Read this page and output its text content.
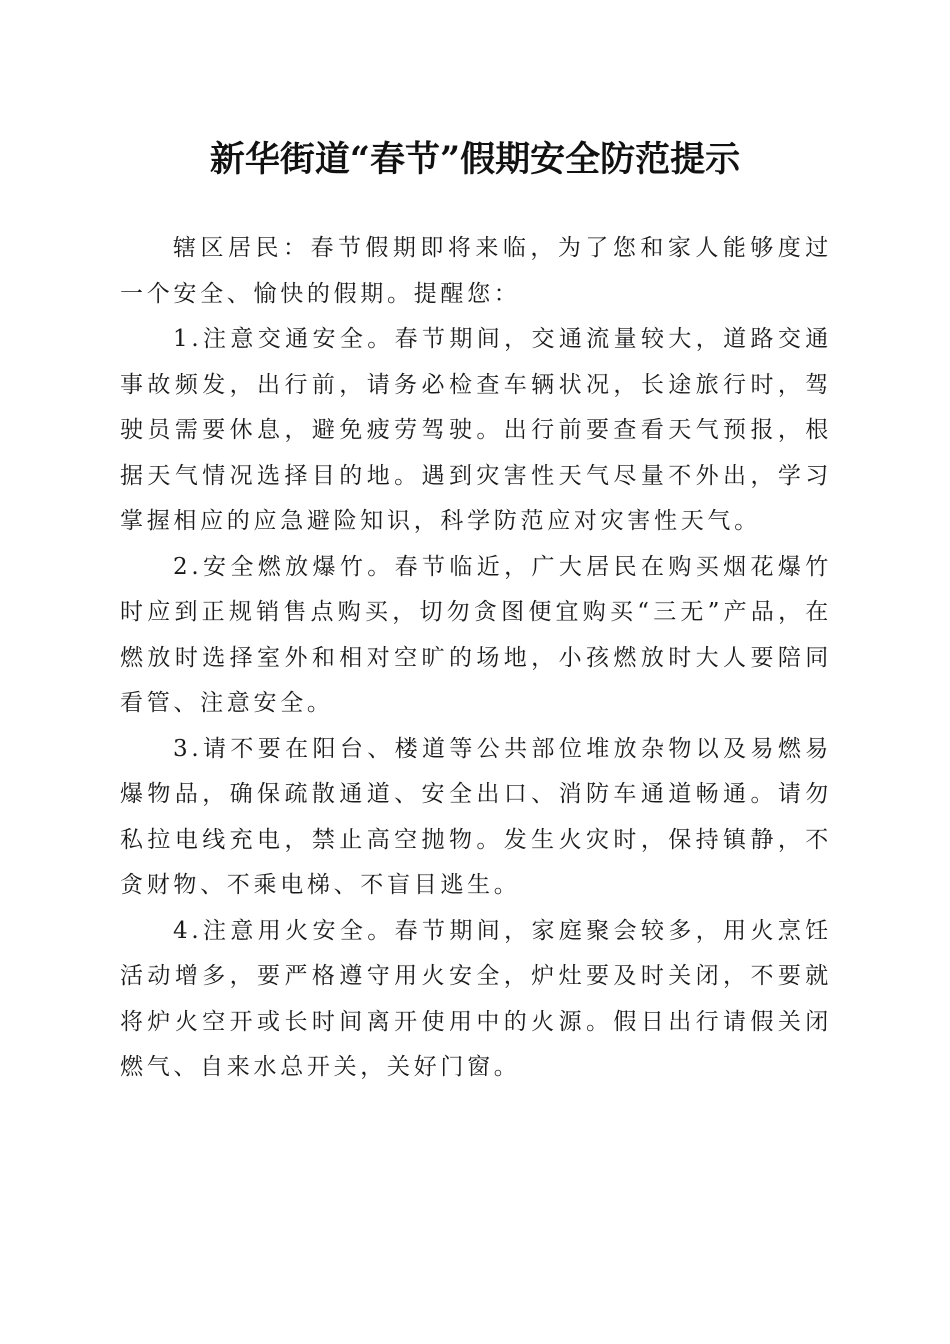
新华街道“春节”假期安全防范提示

辖区居民：春节假期即将来临，为了您和家人能够度过一个安全、愉快的假期。提醒您：

1.注意交通安全。春节期间，交通流量较大，道路交通事故频发，出行前，请务必检查车辆状况，长途旅行时，驾驶员需要休息，避免疲劳驾驶。出行前要查看天气预报，根据天气情况选择目的地。遇到灾害性天气尽量不外出，学习掌握相应的应急避险知识，科学防范应对灾害性天气。

2.安全燃放爆竹。春节临近，广大居民在购买烟花爆竹时应到正规销售点购买，切勿贪图便宜购买“三无”产品，在燃放时选择室外和相对空旷的场地，小孩燃放时大人要陪同看管、注意安全。

3.请不要在阳台、楼道等公共部位堆放杂物以及易燃易爆物品，确保疏散通道、安全出口、消防车通道畅通。请勿私拉电线充电，禁止高空抛物。发生火灾时，保持镇静，不贪财物、不乘电梯、不盲目逃生。

4.注意用火安全。春节期间，家庭聚会较多，用火烹饪活动增多，要严格遵守用火安全，炉灶要及时关闭，不要就将炉火空开或长时间离开使用中的火源。假日出行请假关闭燃气、自来水总开关，关好门窗。
